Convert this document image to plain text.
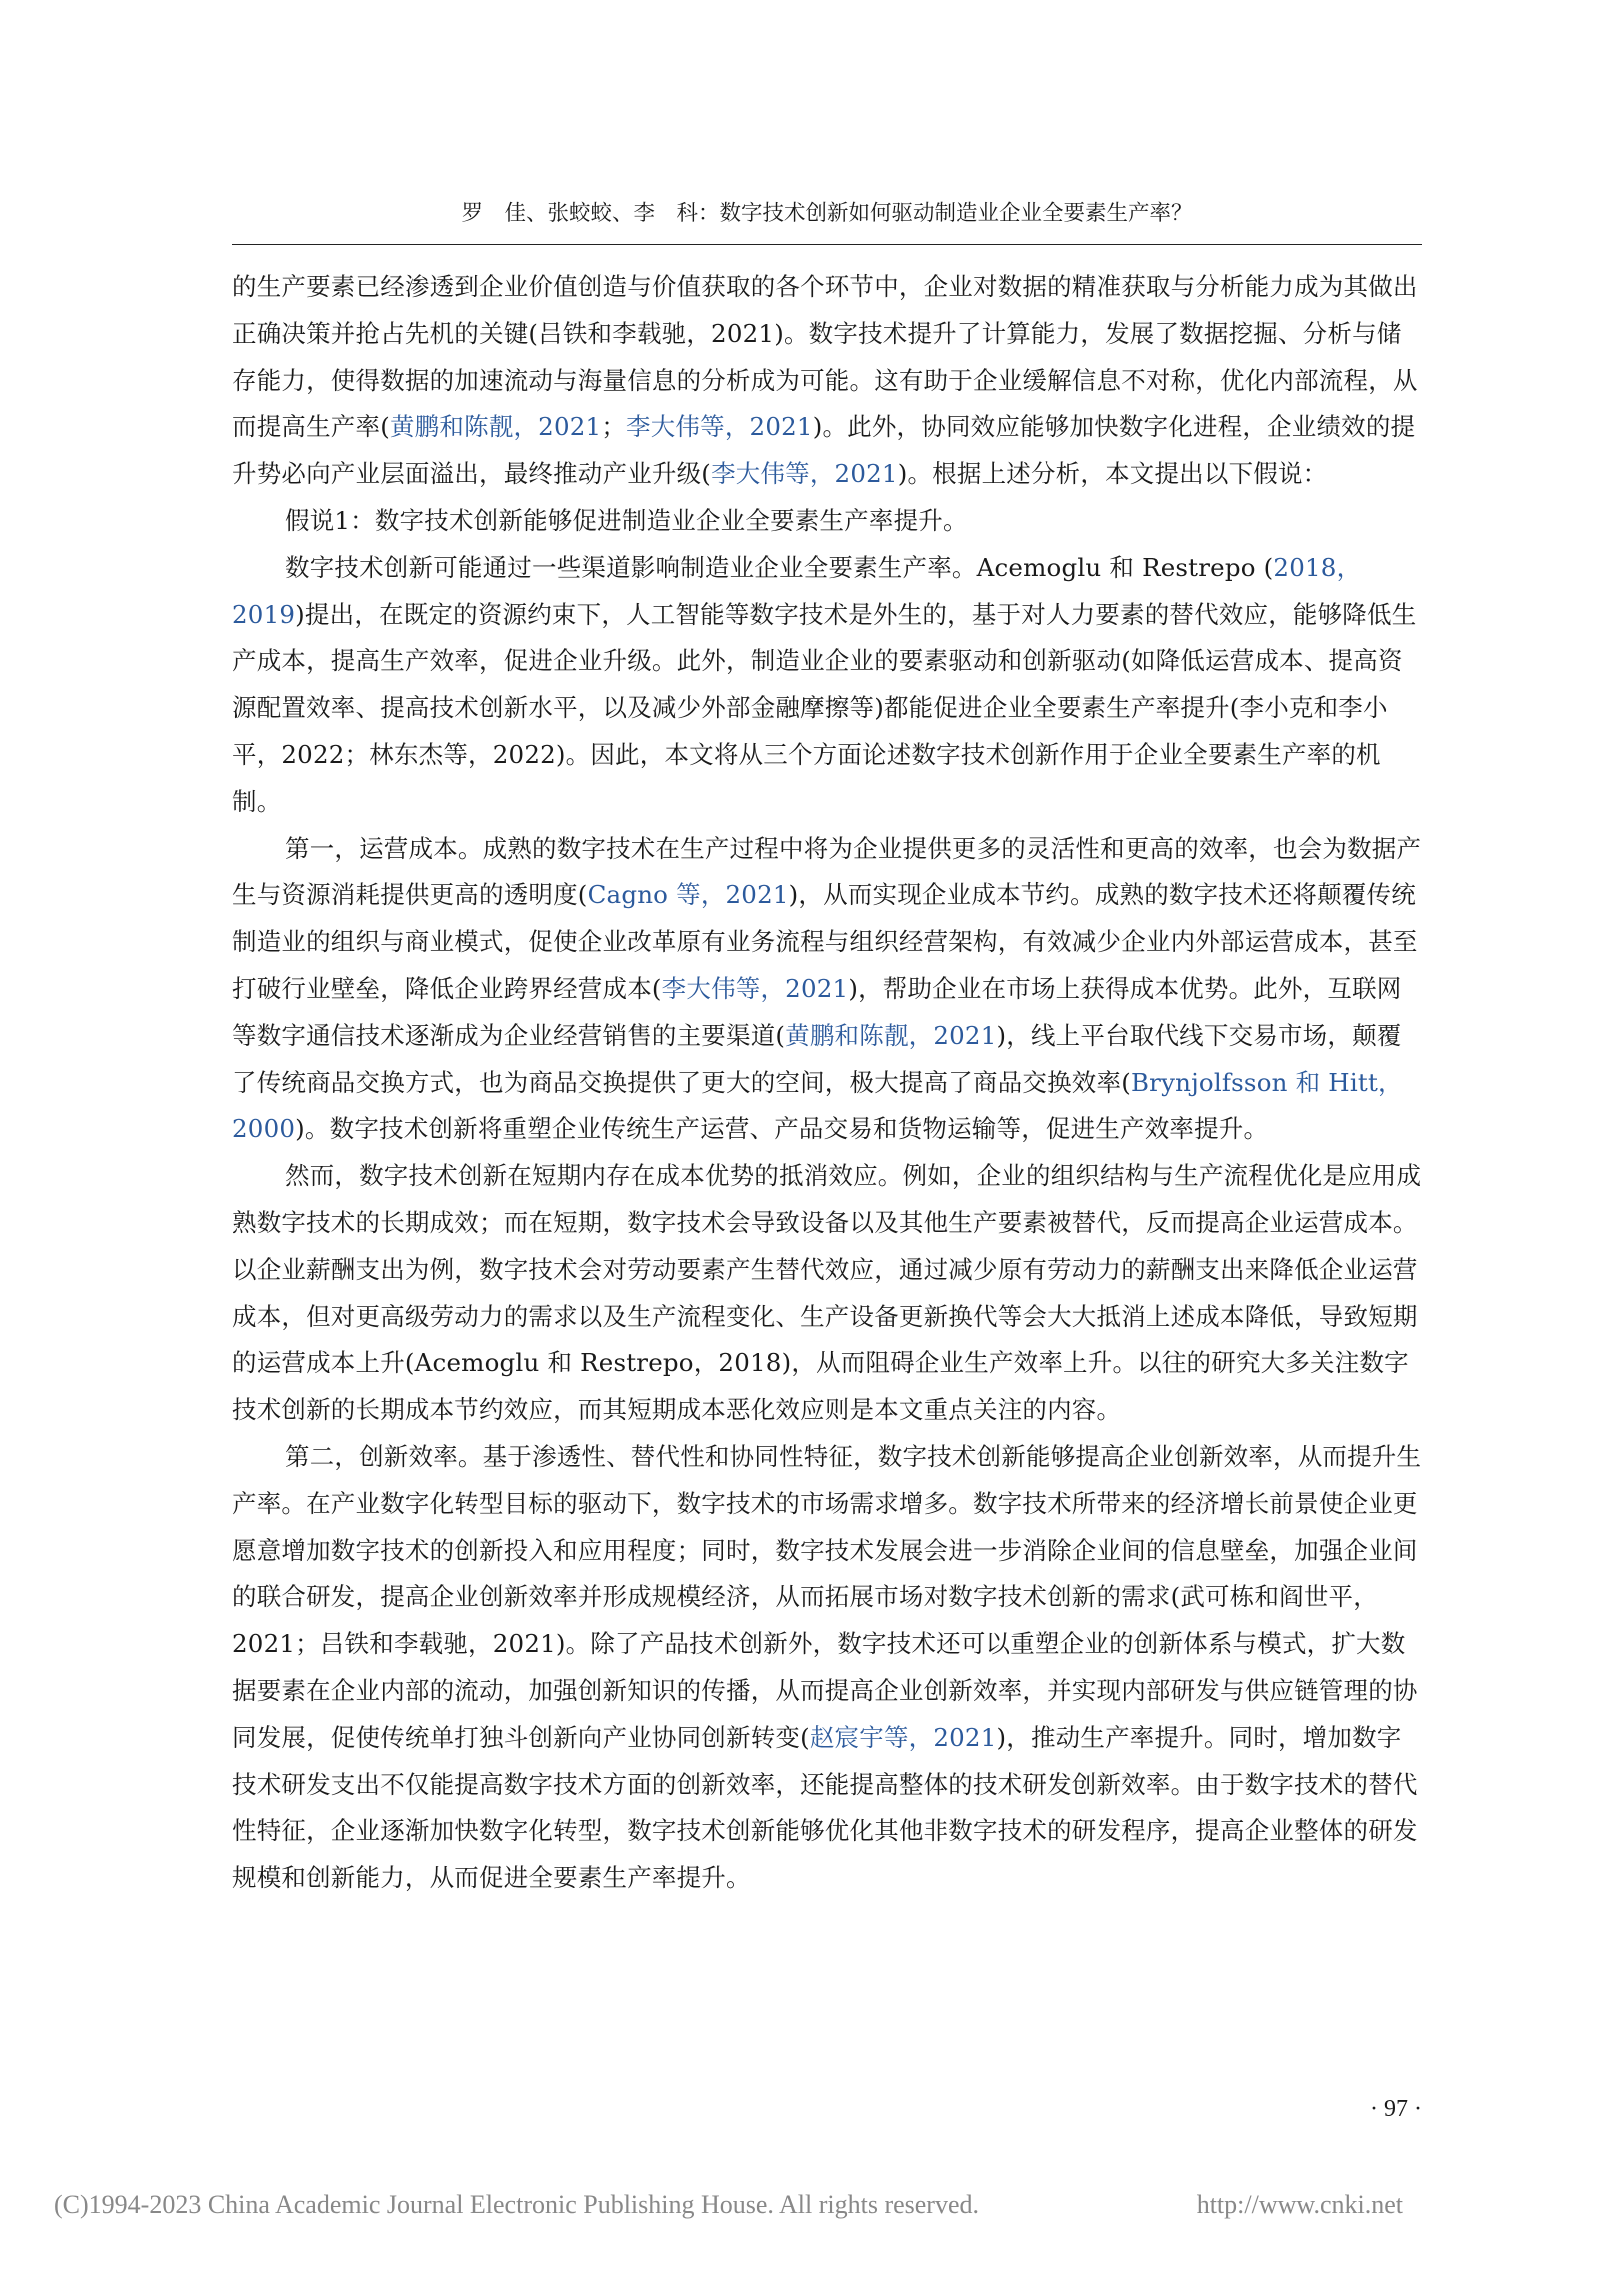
罗　佳、张蛟蛟、李　科：数字技术创新如何驱动制造业企业全要素生产率？

的生产要素已经渗透到企业价值创造与价值获取的各个环节中，企业对数据的精准获取与分析能力成为其做出正确决策并抢占先机的关键(吕铁和李载驰，2021)。数字技术提升了计算能力，发展了数据挖掘、分析与储存能力，使得数据的加速流动与海量信息的分析成为可能。这有助于企业缓解信息不对称，优化内部流程，从而提高生产率(黄鹏和陈靓，2021；李大伟等，2021)。此外，协同效应能够加快数字化进程，企业绩效的提升势必向产业层面溢出，最终推动产业升级(李大伟等，2021)。根据上述分析，本文提出以下假说：

假说1：数字技术创新能够促进制造业企业全要素生产率提升。

数字技术创新可能通过一些渠道影响制造业企业全要素生产率。Acemoglu 和 Restrepo (2018，2019)提出，在既定的资源约束下，人工智能等数字技术是外生的，基于对人力要素的替代效应，能够降低生产成本，提高生产效率，促进企业升级。此外，制造业企业的要素驱动和创新驱动(如降低运营成本、提高资源配置效率、提高技术创新水平，以及减少外部金融摩擦等)都能促进企业全要素生产率提升(李小克和李小平，2022；林东杰等，2022)。因此，本文将从三个方面论述数字技术创新作用于企业全要素生产率的机制。

第一，运营成本。成熟的数字技术在生产过程中将为企业提供更多的灵活性和更高的效率，也会为数据产生与资源消耗提供更高的透明度(Cagno 等，2021)，从而实现企业成本节约。成熟的数字技术还将颠覆传统制造业的组织与商业模式，促使企业改革原有业务流程与组织经营架构，有效减少企业内外部运营成本，甚至打破行业壁垒，降低企业跨界经营成本(李大伟等，2021)，帮助企业在市场上获得成本优势。此外，互联网等数字通信技术逐渐成为企业经营销售的主要渠道(黄鹏和陈靓，2021)，线上平台取代线下交易市场，颠覆了传统商品交换方式，也为商品交换提供了更大的空间，极大提高了商品交换效率(Brynjolfsson 和 Hitt，2000)。数字技术创新将重塑企业传统生产运营、产品交易和货物运输等，促进生产效率提升。

然而，数字技术创新在短期内存在成本优势的抵消效应。例如，企业的组织结构与生产流程优化是应用成熟数字技术的长期成效；而在短期，数字技术会导致设备以及其他生产要素被替代，反而提高企业运营成本。以企业薪酬支出为例，数字技术会对劳动要素产生替代效应，通过减少原有劳动力的薪酬支出来降低企业运营成本，但对更高级劳动力的需求以及生产流程变化、生产设备更新换代等会大大抵消上述成本降低，导致短期的运营成本上升(Acemoglu 和 Restrepo，2018)，从而阻碍企业生产效率上升。以往的研究大多关注数字技术创新的长期成本节约效应，而其短期成本恶化效应则是本文重点关注的内容。

第二，创新效率。基于渗透性、替代性和协同性特征，数字技术创新能够提高企业创新效率，从而提升生产率。在产业数字化转型目标的驱动下，数字技术的市场需求增多。数字技术所带来的经济增长前景使企业更愿意增加数字技术的创新投入和应用程度；同时，数字技术发展会进一步消除企业间的信息壁垒，加强企业间的联合研发，提高企业创新效率并形成规模经济，从而拓展市场对数字技术创新的需求(武可栋和阎世平，2021；吕铁和李载驰，2021)。除了产品技术创新外，数字技术还可以重塑企业的创新体系与模式，扩大数据要素在企业内部的流动，加强创新知识的传播，从而提高企业创新效率，并实现内部研发与供应链管理的协同发展，促使传统单打独斗创新向产业协同创新转变(赵宸宇等，2021)，推动生产率提升。同时，增加数字技术研发支出不仅能提高数字技术方面的创新效率，还能提高整体的技术研发创新效率。由于数字技术的替代性特征，企业逐渐加快数字化转型，数字技术创新能够优化其他非数字技术的研发程序，提高企业整体的研发规模和创新能力，从而促进全要素生产率提升。

· 97 ·
(C)1994-2023 China Academic Journal Electronic Publishing House. All rights reserved.	http://www.cnki.net
